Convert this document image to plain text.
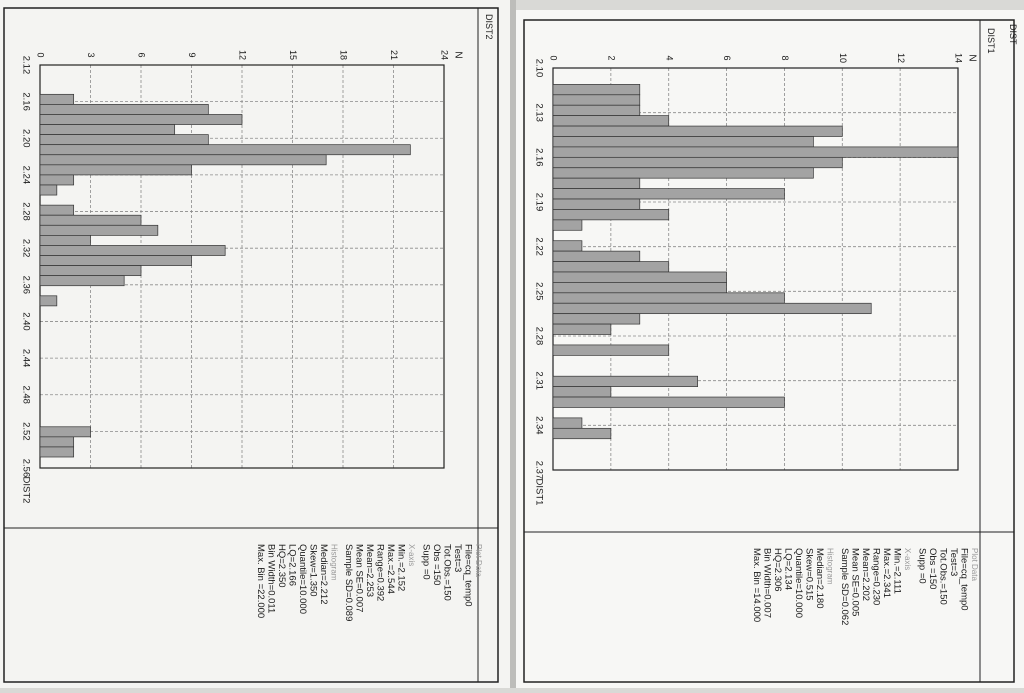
DIST2
0	3	6	9	12	15	18	21	24 N
2.12
2.16
2.20
2.24
2.28
2.32
2.36
2.40
2.44
2.48
2.52
2.56
DIST2
Plot Data
File=cq_temp0
Test=3
Tot.Obs.=150
Obs =150
Supp =0
X-axis
Min.=2.152
Max.=2.544
Range=0.392
Mean=2.253
Mean SE=0.007
Sample SD=0.089
Histogram
Median=2.212
Skew=1.350
Quantile=10.000
LQ=2.166
HQ=2.350
Bin Width=0.011
Max. Bin =22.000
DIST1 DIST
0	2	4	6	8	10	12	14 N
2.10
2.13
2.16
2.19
2.22
2.25
2.28
2.31
2.34
2.37
DIST1
Plot Data
File=cq_temp0
Test=3
Tot.Obs.=150
Obs =150
Supp =0
X-axis
Min.=2.111
Max.=2.341
Range=0.230
Mean=2.202
Mean SE=0.005
Sample SD=0.062
Histogram
Median=2.180
Skew=0.515
Quantile=10.000
LQ=2.134
HQ=2.306
Bin Width=0.007
Max. Bin =14.000
